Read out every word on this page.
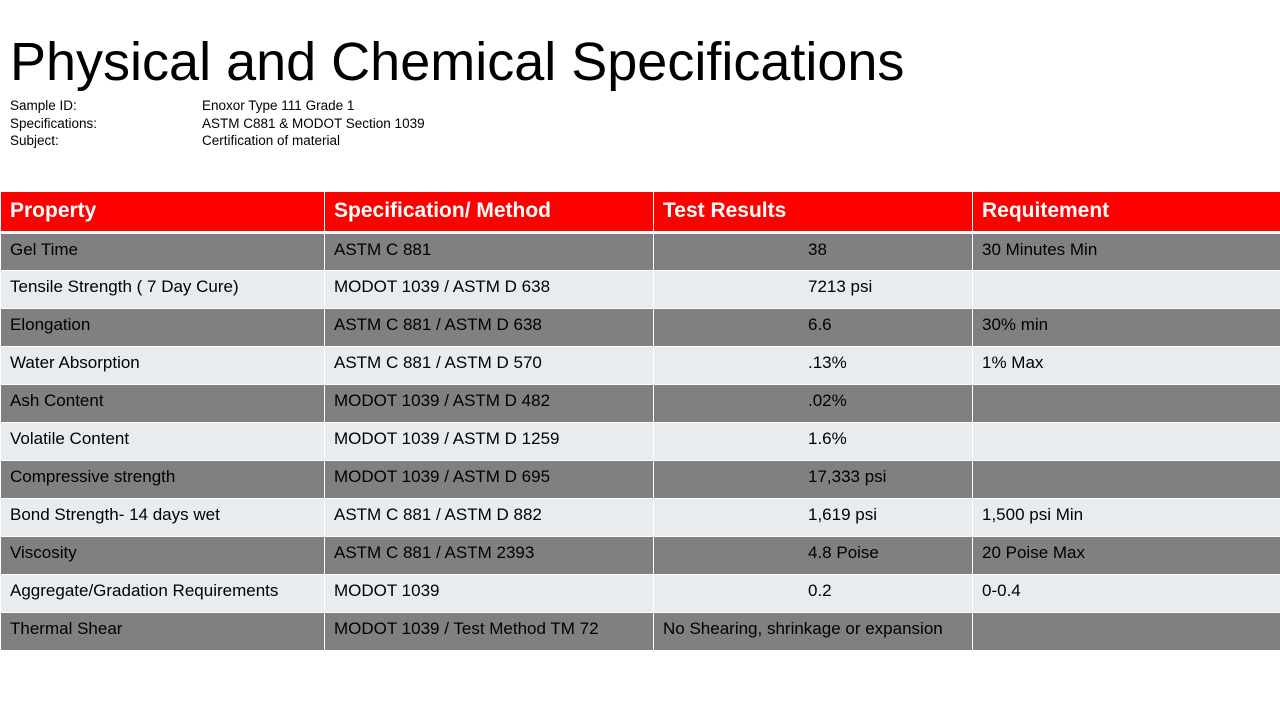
Physical and Chemical Specifications
Sample ID:	Enoxor Type 111 Grade 1
Specifications:	ASTM C881 & MODOT Section 1039
Subject:	Certification of material
Property	Specification/ Method	Test Results	Requitement
Gel Time	ASTM C 881	38	30 Minutes Min
Tensile Strength ( 7 Day Cure)	MODOT 1039 / ASTM D 638	7213 psi	
Elongation	ASTM C 881 / ASTM D 638	6.6	30% min
Water Absorption	ASTM C 881 / ASTM D 570	.13%	1% Max
Ash Content	MODOT 1039 / ASTM D 482	.02%	
Volatile Content	MODOT 1039 / ASTM D 1259	1.6%	
Compressive strength	MODOT 1039 / ASTM D 695	17,333 psi	
Bond Strength- 14 days wet	ASTM C 881 / ASTM D 882	1,619 psi	1,500 psi Min
Viscosity	ASTM C 881 / ASTM 2393	4.8 Poise	20 Poise Max
Aggregate/Gradation Requirements	MODOT 1039	0.2	0-0.4
Thermal Shear	MODOT 1039 / Test Method TM 72	No Shearing, shrinkage or expansion	
